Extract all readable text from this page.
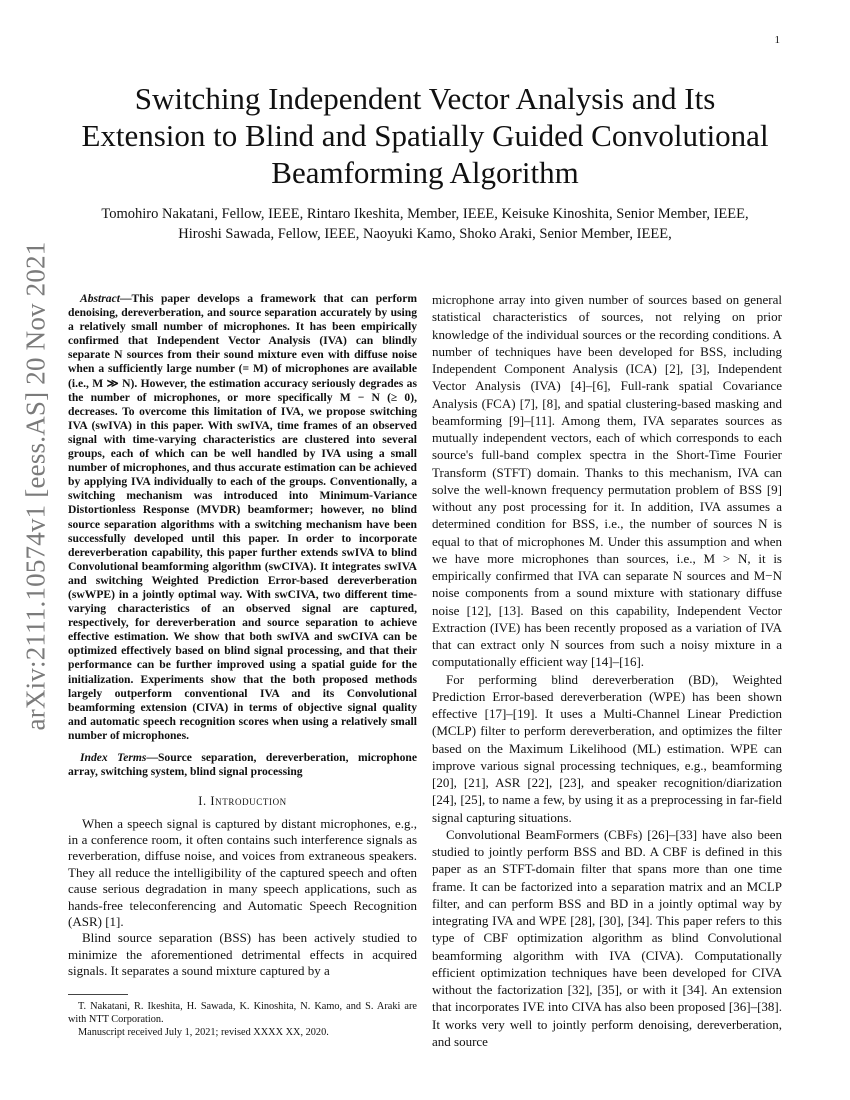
1
arXiv:2111.10574v1 [eess.AS] 20 Nov 2021
Switching Independent Vector Analysis and Its Extension to Blind and Spatially Guided Convolutional Beamforming Algorithm
Tomohiro Nakatani, Fellow, IEEE, Rintaro Ikeshita, Member, IEEE, Keisuke Kinoshita, Senior Member, IEEE,
Hiroshi Sawada, Fellow, IEEE, Naoyuki Kamo, Shoko Araki, Senior Member, IEEE,

Abstract—This paper develops a framework that can perform denoising, dereverberation, and source separation accurately by using a relatively small number of microphones. It has been empirically confirmed that Independent Vector Analysis (IVA) can blindly separate N sources from their sound mixture even with diffuse noise when a sufficiently large number (= M) of microphones are available (i.e., M ≫ N). However, the estimation accuracy seriously degrades as the number of microphones, or more specifically M − N (≥ 0), decreases. To overcome this limitation of IVA, we propose switching IVA (swIVA) in this paper. With swIVA, time frames of an observed signal with time-varying characteristics are clustered into several groups, each of which can be well handled by IVA using a small number of microphones, and thus accurate estimation can be achieved by applying IVA individually to each of the groups. Conventionally, a switching mechanism was introduced into Minimum-Variance Distortionless Response (MVDR) beamformer; however, no blind source separation algorithms with a switching mechanism have been successfully developed until this paper. In order to incorporate dereverberation capability, this paper further extends swIVA to blind Convolutional beamforming algorithm (swCIVA). It integrates swIVA and switching Weighted Prediction Error-based dereverberation (swWPE) in a jointly optimal way. With swCIVA, two different time-varying characteristics of an observed signal are captured, respectively, for dereverberation and source separation to achieve effective estimation. We show that both swIVA and swCIVA can be optimized effectively based on blind signal processing, and that their performance can be further improved using a spatial guide for the initialization. Experiments show that the both proposed methods largely outperform conventional IVA and its Convolutional beamforming extension (CIVA) in terms of objective signal quality and automatic speech recognition scores when using a relatively small number of microphones.

Index Terms—Source separation, dereverberation, microphone array, switching system, blind signal processing

I. Introduction

When a speech signal is captured by distant microphones, e.g., in a conference room, it often contains such interference signals as reverberation, diffuse noise, and voices from extraneous speakers. They all reduce the intelligibility of the captured speech and often cause serious degradation in many speech applications, such as hands-free teleconferencing and Automatic Speech Recognition (ASR) [1].

Blind source separation (BSS) has been actively studied to minimize the aforementioned detrimental effects in acquired signals. It separates a sound mixture captured by a

T. Nakatani, R. Ikeshita, H. Sawada, K. Kinoshita, N. Kamo, and S. Araki are with NTT Corporation.

Manuscript received July 1, 2021; revised XXXX XX, 2020.

microphone array into given number of sources based on general statistical characteristics of sources, not relying on prior knowledge of the individual sources or the recording conditions. A number of techniques have been developed for BSS, including Independent Component Analysis (ICA) [2], [3], Independent Vector Analysis (IVA) [4]–[6], Full-rank spatial Covariance Analysis (FCA) [7], [8], and spatial clustering-based masking and beamforming [9]–[11]. Among them, IVA separates sources as mutually independent vectors, each of which corresponds to each source's full-band complex spectra in the Short-Time Fourier Transform (STFT) domain. Thanks to this mechanism, IVA can solve the well-known frequency permutation problem of BSS [9] without any post processing for it. In addition, IVA assumes a determined condition for BSS, i.e., the number of sources N is equal to that of microphones M. Under this assumption and when we have more microphones than sources, i.e., M > N, it is empirically confirmed that IVA can separate N sources and M−N noise components from a sound mixture with stationary diffuse noise [12], [13]. Based on this capability, Independent Vector Extraction (IVE) has been recently proposed as a variation of IVA that can extract only N sources from such a noisy mixture in a computationally efficient way [14]–[16].

For performing blind dereverberation (BD), Weighted Prediction Error-based dereverberation (WPE) has been shown effective [17]–[19]. It uses a Multi-Channel Linear Prediction (MCLP) filter to perform dereverberation, and optimizes the filter based on the Maximum Likelihood (ML) estimation. WPE can improve various signal processing techniques, e.g., beamforming [20], [21], ASR [22], [23], and speaker recognition/diarization [24], [25], to name a few, by using it as a preprocessing in far-field signal capturing situations.

Convolutional BeamFormers (CBFs) [26]–[33] have also been studied to jointly perform BSS and BD. A CBF is defined in this paper as an STFT-domain filter that spans more than one time frame. It can be factorized into a separation matrix and an MCLP filter, and can perform BSS and BD in a jointly optimal way by integrating IVA and WPE [28], [30], [34]. This paper refers to this type of CBF optimization algorithm as blind Convolutional beamforming algorithm with IVA (CIVA). Computationally efficient optimization techniques have been developed for CIVA without the factorization [32], [35], or with it [34]. An extension that incorporates IVE into CIVA has also been proposed [36]–[38]. It works very well to jointly perform denoising, dereverberation, and source
